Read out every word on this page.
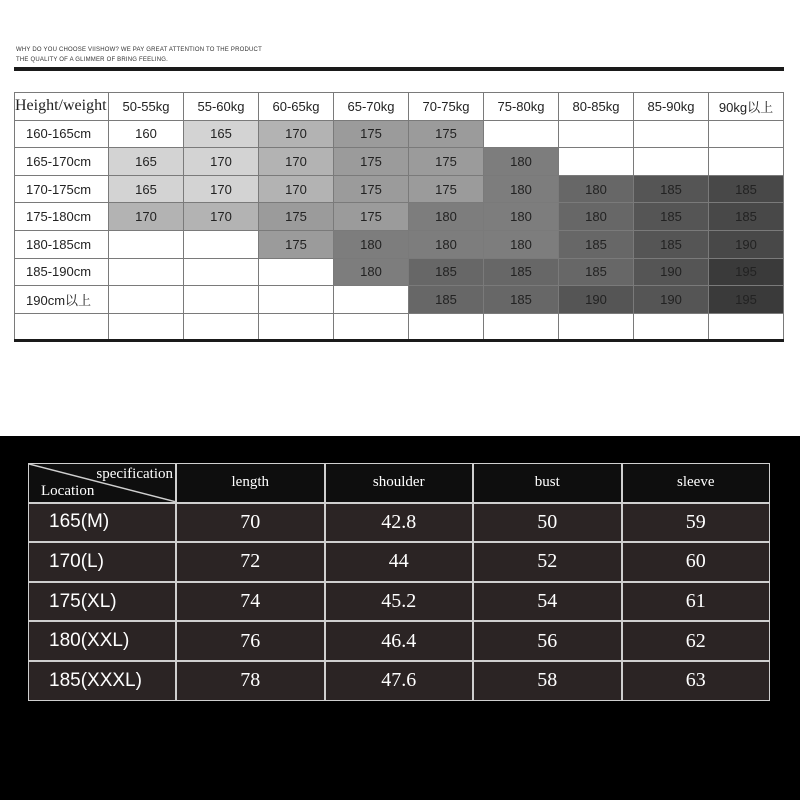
WHY DO YOU CHOOSE VIISHOW? WE PAY GREAT ATTENTION TO THE PRODUCT
THE QUALITY OF A GLIMMER OF BRING FEELING.
Height/weight	50-55kg	55-60kg	60-65kg	65-70kg	70-75kg	75-80kg	80-85kg	85-90kg	90kg以上
160-165cm	160	165	170	175	175				
165-170cm	165	170	170	175	175	180			
170-175cm	165	170	170	175	175	180	180	185	185
175-180cm	170	170	175	175	180	180	180	185	185
180-185cm			175	180	180	180	185	185	190
185-190cm				180	185	185	185	190	195
190cm以上					185	185	190	190	195

specification
Location	length	shoulder	bust	sleeve
165(M)	70	42.8	50	59
170(L)	72	44	52	60
175(XL)	74	45.2	54	61
180(XXL)	76	46.4	56	62
185(XXXL)	78	47.6	58	63
